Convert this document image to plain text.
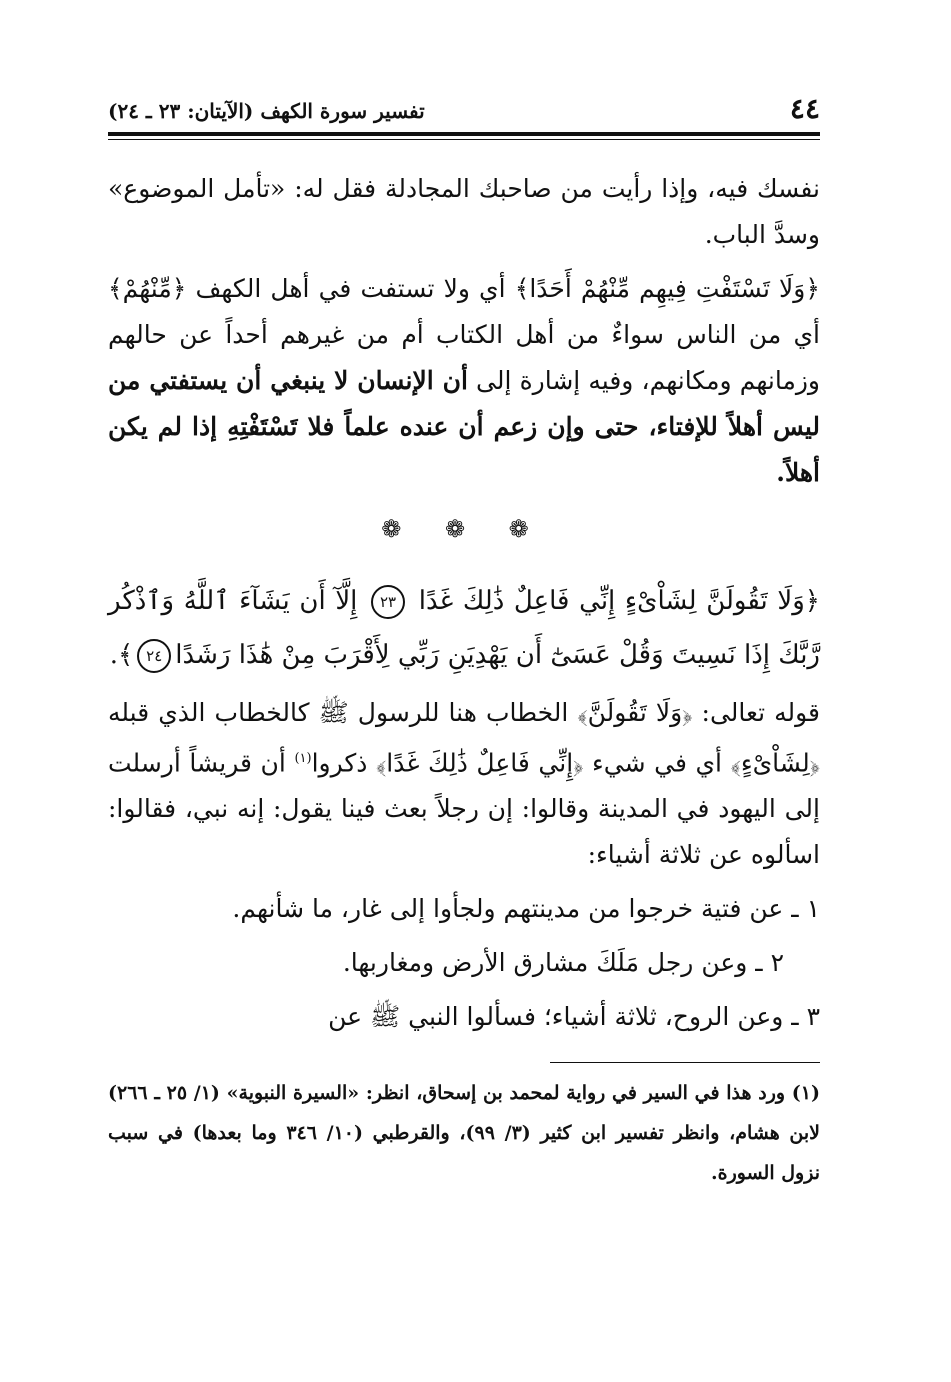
٤٤
تفسير سورة الكهف (الآيتان: ٢٣ ـ ٢٤)

نفسك فيه، وإذا رأيت من صاحبك المجادلة فقل له: «تأمل الموضوع» وسدَّ الباب.

﴿وَلَا تَسْتَفْتِ فِيهِم مِّنْهُمْ أَحَدًا﴾ أي ولا تستفت في أهل الكهف ﴿مِّنْهُمْ﴾ أي من الناس سواءٌ من أهل الكتاب أم من غيرهم أحداً عن حالهم وزمانهم ومكانهم، وفيه إشارة إلى أن الإنسان لا ينبغي أن يستفتي من ليس أهلاً للإفتاء، حتى وإن زعم أن عنده علماً فلا تَسْتَفْتِهِ إذا لم يكن أهلاً.

❁ ❁ ❁

﴿وَلَا تَقُولَنَّ لِشَاْىْءٍ إِنِّي فَاعِلٌ ذَٰلِكَ غَدًا ٢٣ إِلَّآ أَن يَشَآءَ ٱللَّهُ وَٱذْكُر رَّبَّكَ إِذَا نَسِيتَ وَقُلْ عَسَىٰٓ أَن يَهْدِيَنِ رَبِّي لِأَقْرَبَ مِنْ هَٰذَا رَشَدًا٢٤﴾.

قوله تعالى: ﴿وَلَا تَقُولَنَّ﴾ الخطاب هنا للرسول ﷺ كالخطاب الذي قبله ﴿لِشَاْىْءٍ﴾ أي في شيء ﴿إِنِّي فَاعِلٌ ذَٰلِكَ غَدًا﴾ ذكروا$^{(١)}$ أن قريشاً أرسلت إلى اليهود في المدينة وقالوا: إن رجلاً بعث فينا يقول: إنه نبي، فقالوا: اسألوه عن ثلاثة أشياء:

١ ـ عن فتية خرجوا من مدينتهم ولجأوا إلى غار، ما شأنهم.

٢ ـ وعن رجل مَلَكَ مشارق الأرض ومغاربها.

٣ ـ وعن الروح، ثلاثة أشياء؛ فسألوا النبي ﷺ عن

(١) ورد هذا في السير في رواية لمحمد بن إسحاق، انظر: «السيرة النبوية» (١/ ٢٥ ـ ٢٦٦) لابن هشام، وانظر تفسير ابن كثير (٣/ ٩٩)، والقرطبي (١٠/ ٣٤٦ وما بعدها) في سبب نزول السورة.
